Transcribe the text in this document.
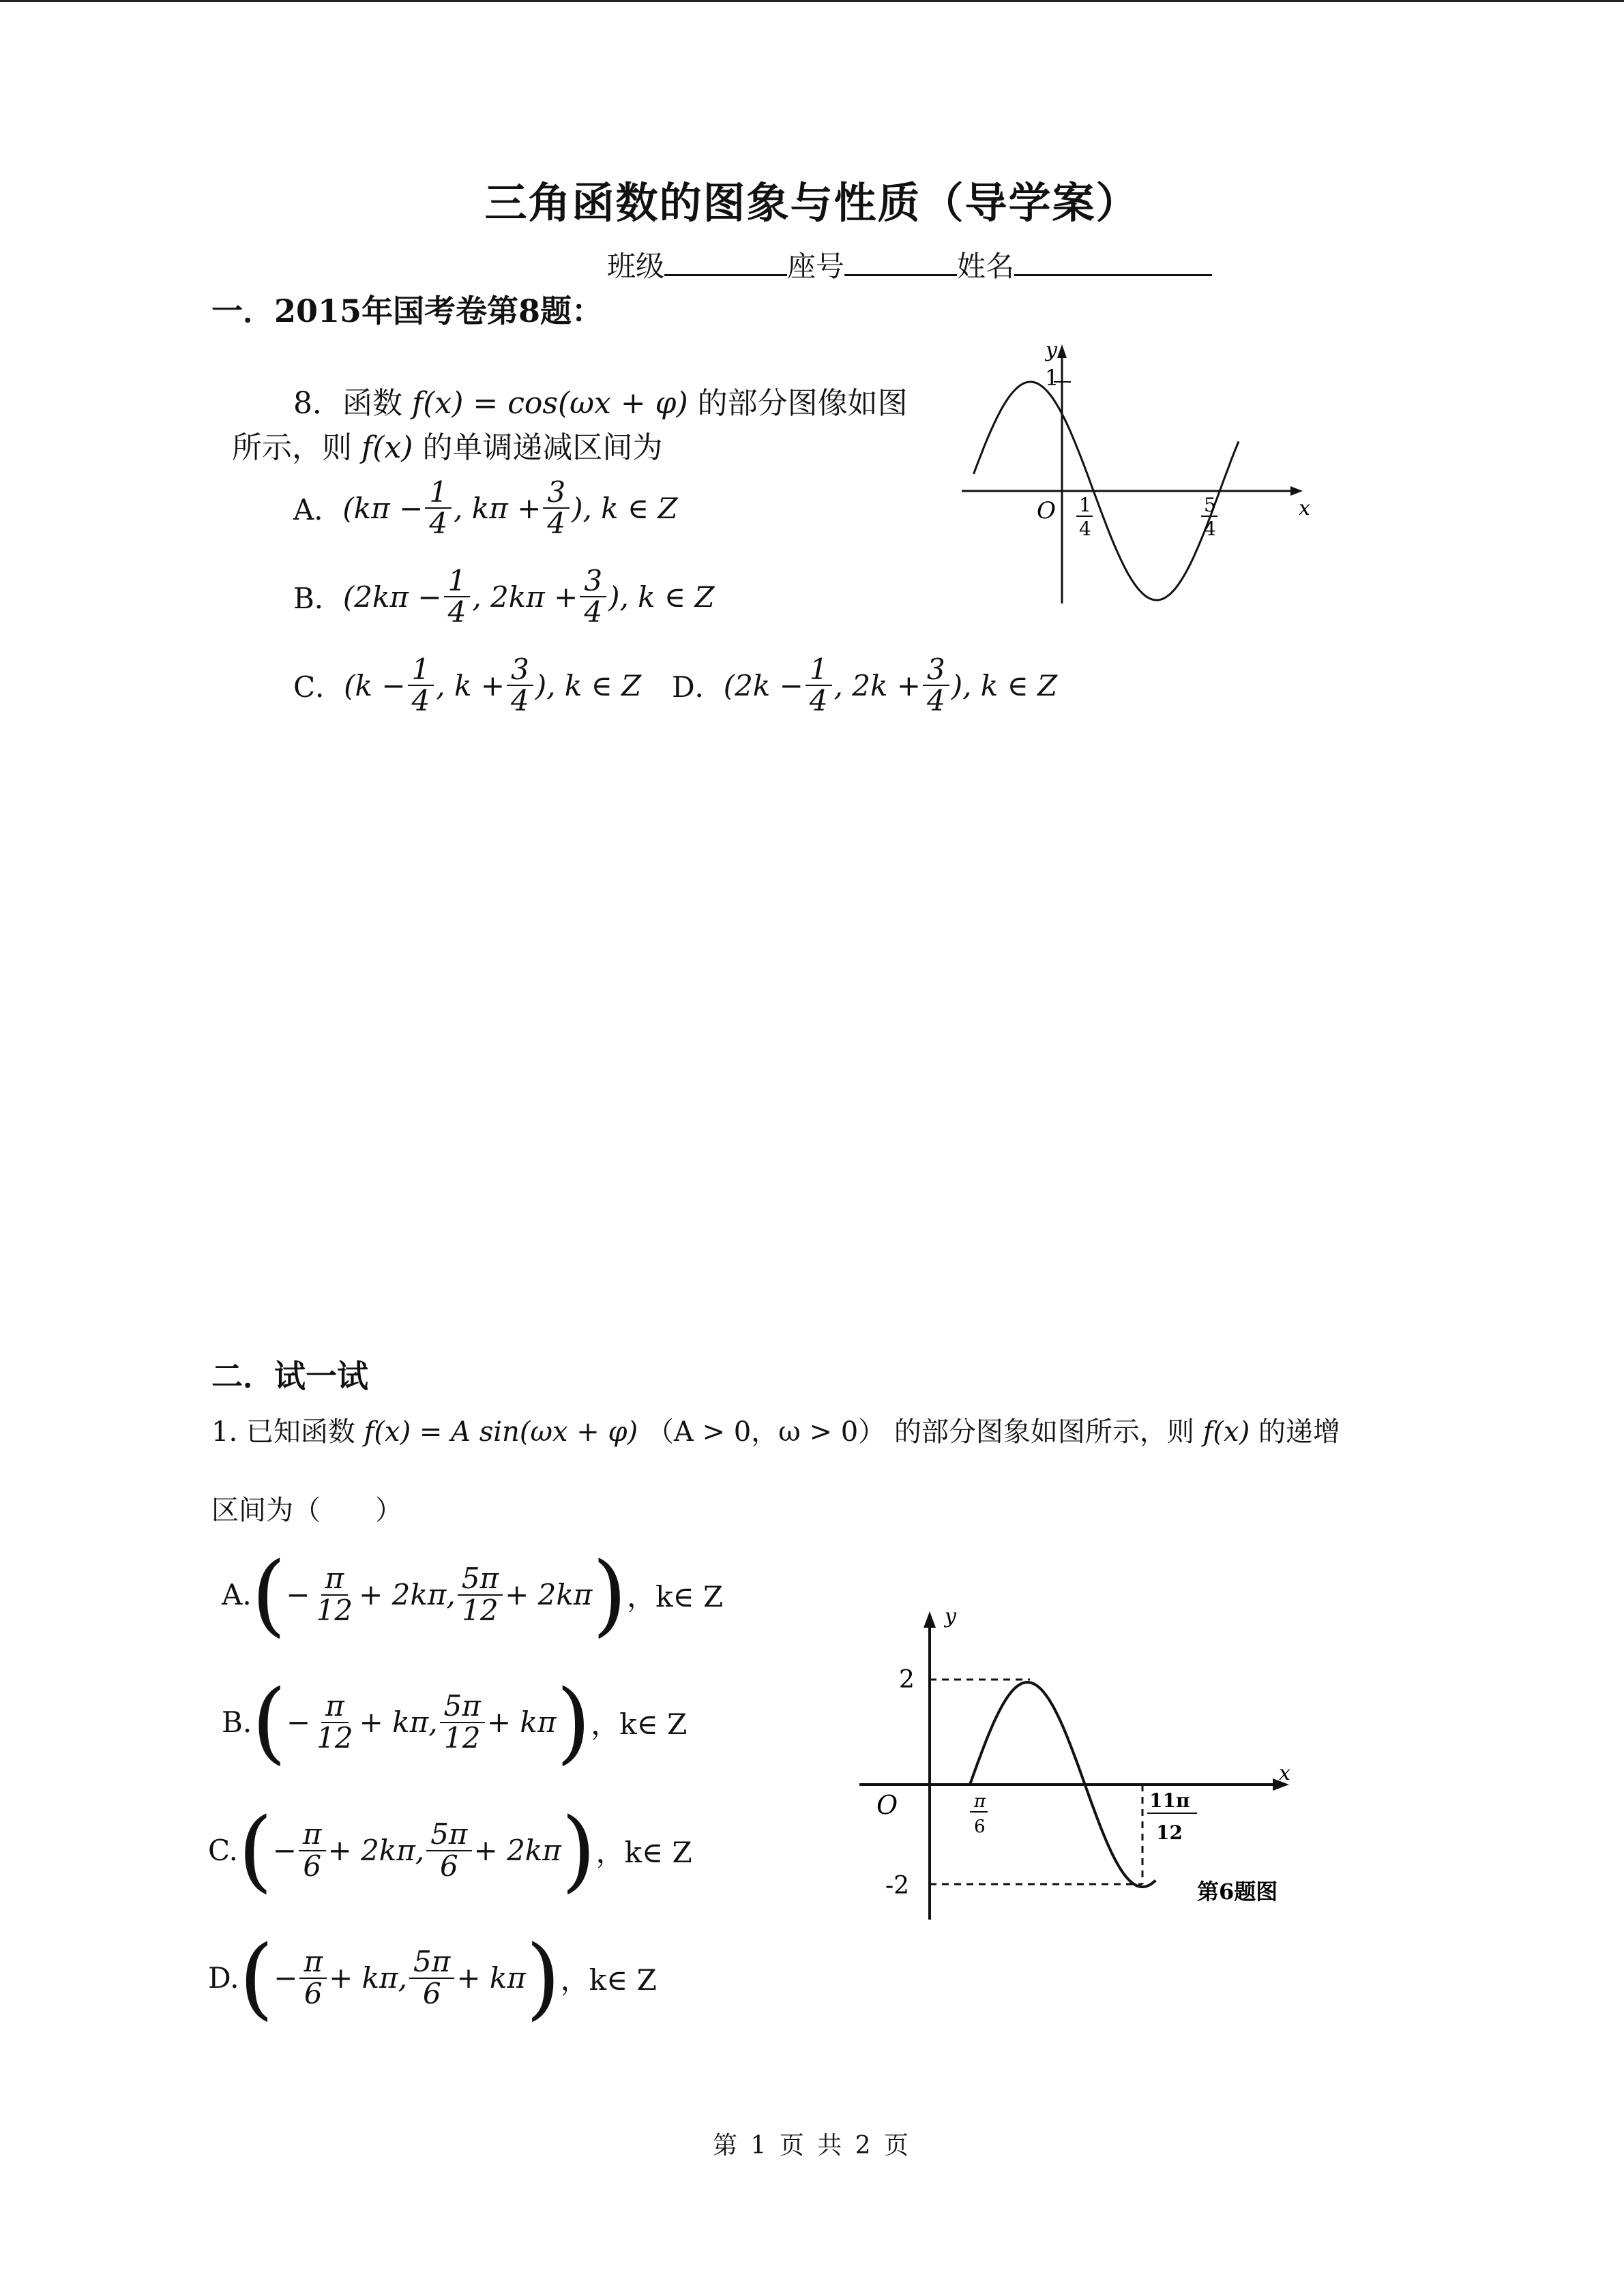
三角函数的图象与性质（导学案）
班级	座号	姓名
一．2015年国考卷第8题：
8．函数 f(x) = cos(ωx + φ) 的部分图像如图
所示，则 f(x) 的单调递减区间为
A． ($k\pi - \frac{1}{4}$ , $k\pi + \frac{3}{4}$ ), k ∈ Z
B． ($2k\pi - \frac{1}{4}$ , $2k\pi + \frac{3}{4}$ ), k ∈ Z
C． ($k - \frac{1}{4}$ , $k + \frac{3}{4}$ ), k ∈ Z D． ($2k - \frac{1}{4}$ , $2k + \frac{3}{4}$ ), k ∈ Z
y
x
O
1
1
4
5
4
二．试一试
1. 已知函数 f(x) = A sin(ωx + φ) （A > 0，ω > 0） 的部分图象如图所示，则 f(x) 的递增
区间为（　　）
A. ( − $\frac{\pi}{12} + 2k\pi$, $\frac{5\pi}{12} + 2k\pi$ ) ，k∈ Z
B. ( − $\frac{\pi}{12} + k\pi$, $\frac{5\pi}{12} + k\pi$ ) ，k∈ Z
C. ( − $\frac{\pi}{6} + 2k\pi$, $\frac{5\pi}{6} + 2k\pi$ ) ，k∈ Z
D. ( − $\frac{\pi}{6} + k\pi$, $\frac{5\pi}{6} + k\pi$ ) ，k∈ Z
y
x
O
2
-2
π
6
11π
12
第6题图
第 1 页 共 2 页
